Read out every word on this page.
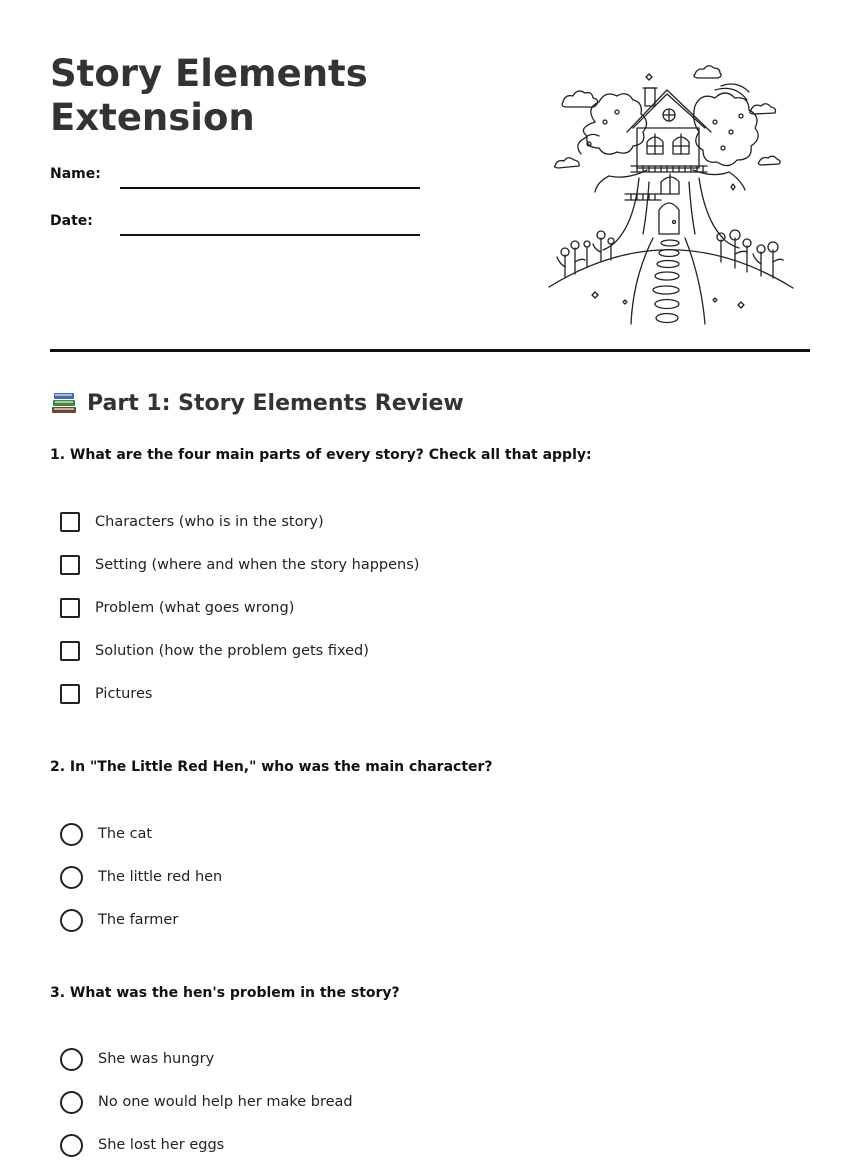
Story Elements Extension
Name:
Date:
Part 1: Story Elements Review
1. What are the four main parts of every story? Check all that apply:
Characters (who is in the story)
Setting (where and when the story happens)
Problem (what goes wrong)
Solution (how the problem gets fixed)
Pictures
2. In "The Little Red Hen," who was the main character?
The cat
The little red hen
The farmer
3. What was the hen's problem in the story?
She was hungry
No one would help her make bread
She lost her eggs
